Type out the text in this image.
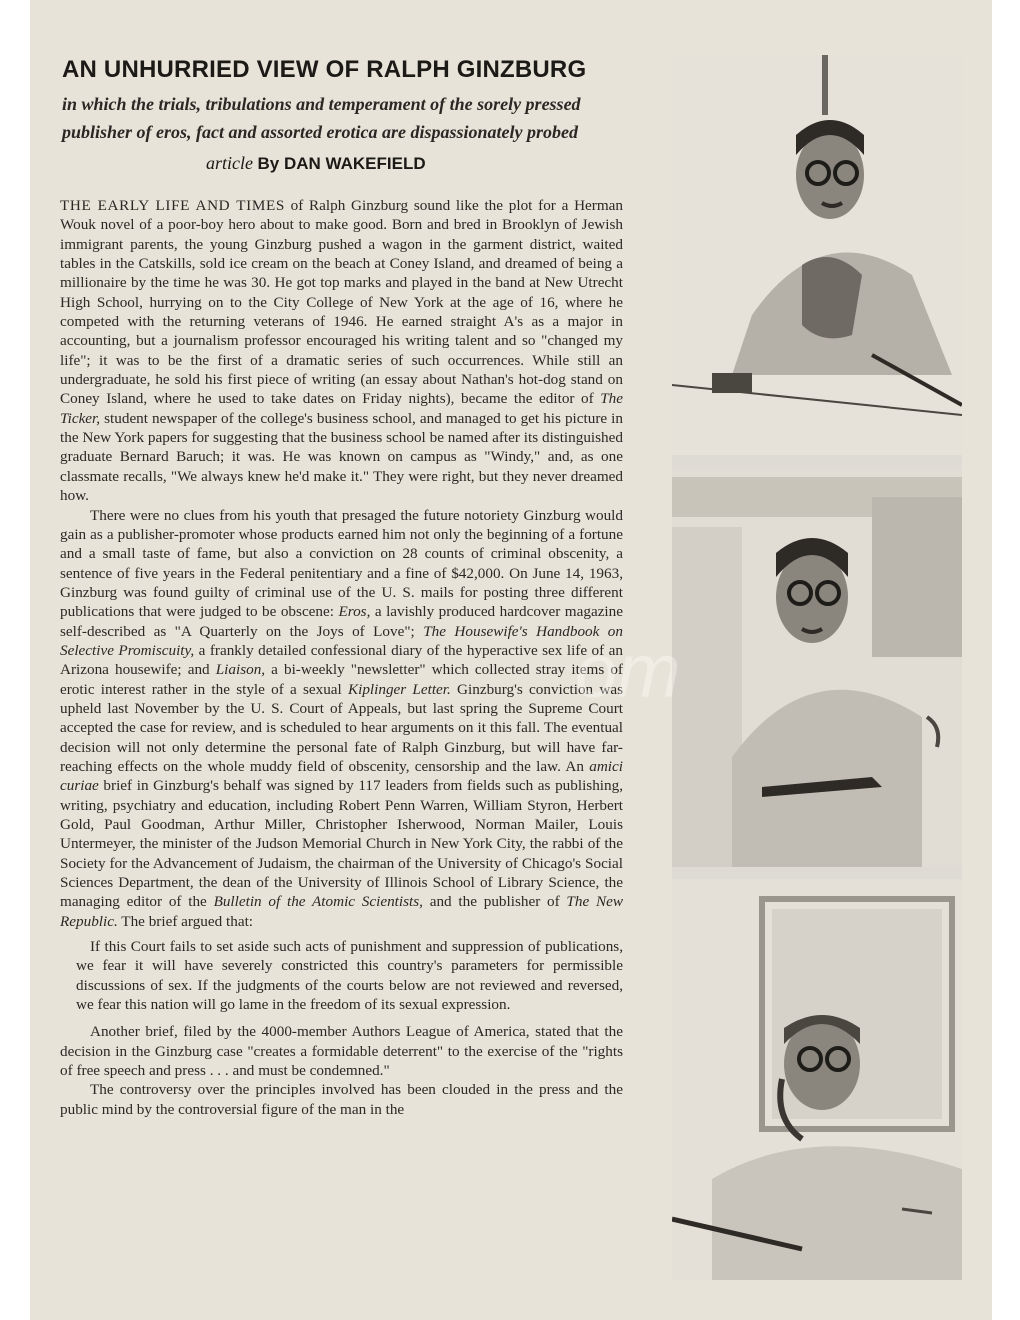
AN UNHURRIED VIEW OF RALPH GINZBURG
in which the trials, tribulations and temperament of the sorely pressed
publisher of eros, fact and assorted erotica are dispassionately probed
article By DAN WAKEFIELD

THE EARLY LIFE AND TIMES of Ralph Ginzburg sound like the plot for a Herman Wouk novel of a poor-boy hero about to make good. Born and bred in Brooklyn of Jewish immigrant parents, the young Ginzburg pushed a wagon in the garment district, waited tables in the Catskills, sold ice cream on the beach at Coney Island, and dreamed of being a millionaire by the time he was 30. He got top marks and played in the band at New Utrecht High School, hurrying on to the City College of New York at the age of 16, where he competed with the returning veterans of 1946. He earned straight A's as a major in accounting, but a journalism professor encouraged his writing talent and so "changed my life"; it was to be the first of a dramatic series of such occurrences. While still an undergraduate, he sold his first piece of writing (an essay about Nathan's hot-dog stand on Coney Island, where he used to take dates on Friday nights), became the editor of The Ticker, student newspaper of the college's business school, and managed to get his picture in the New York papers for suggesting that the business school be named after its distinguished graduate Bernard Baruch; it was. He was known on campus as "Windy," and, as one classmate recalls, "We always knew he'd make it." They were right, but they never dreamed how.

There were no clues from his youth that presaged the future notoriety Ginzburg would gain as a publisher-promoter whose products earned him not only the beginning of a fortune and a small taste of fame, but also a conviction on 28 counts of criminal obscenity, a sentence of five years in the Federal penitentiary and a fine of $42,000. On June 14, 1963, Ginzburg was found guilty of criminal use of the U. S. mails for posting three different publications that were judged to be obscene: Eros, a lavishly produced hardcover magazine self-described as "A Quarterly on the Joys of Love"; The Housewife's Handbook on Selective Promiscuity, a frankly detailed confessional diary of the hyperactive sex life of an Arizona housewife; and Liaison, a bi-weekly "newsletter" which collected stray items of erotic interest rather in the style of a sexual Kiplinger Letter. Ginzburg's conviction was upheld last November by the U. S. Court of Appeals, but last spring the Supreme Court accepted the case for review, and is scheduled to hear arguments on it this fall. The eventual decision will not only determine the personal fate of Ralph Ginzburg, but will have far-reaching effects on the whole muddy field of obscenity, censorship and the law. An amici curiae brief in Ginzburg's behalf was signed by 117 leaders from fields such as publishing, writing, psychiatry and education, including Robert Penn Warren, William Styron, Herbert Gold, Paul Goodman, Arthur Miller, Christopher Isherwood, Norman Mailer, Louis Untermeyer, the minister of the Judson Memorial Church in New York City, the rabbi of the Society for the Advancement of Judaism, the chairman of the University of Chicago's Social Sciences Department, the dean of the University of Illinois School of Library Science, the managing editor of the Bulletin of the Atomic Scientists, and the publisher of The New Republic. The brief argued that:

If this Court fails to set aside such acts of punishment and suppression of publications, we fear it will have severely constricted this country's parameters for permissible discussions of sex. If the judgments of the courts below are not reviewed and reversed, we fear this nation will go lame in the freedom of its sexual expression.

Another brief, filed by the 4000-member Authors League of America, stated that the decision in the Ginzburg case "creates a formidable deterrent" to the exercise of the "rights of free speech and press . . . and must be condemned."

The controversy over the principles involved has been clouded in the press and the public mind by the controversial figure of the man in the

om
